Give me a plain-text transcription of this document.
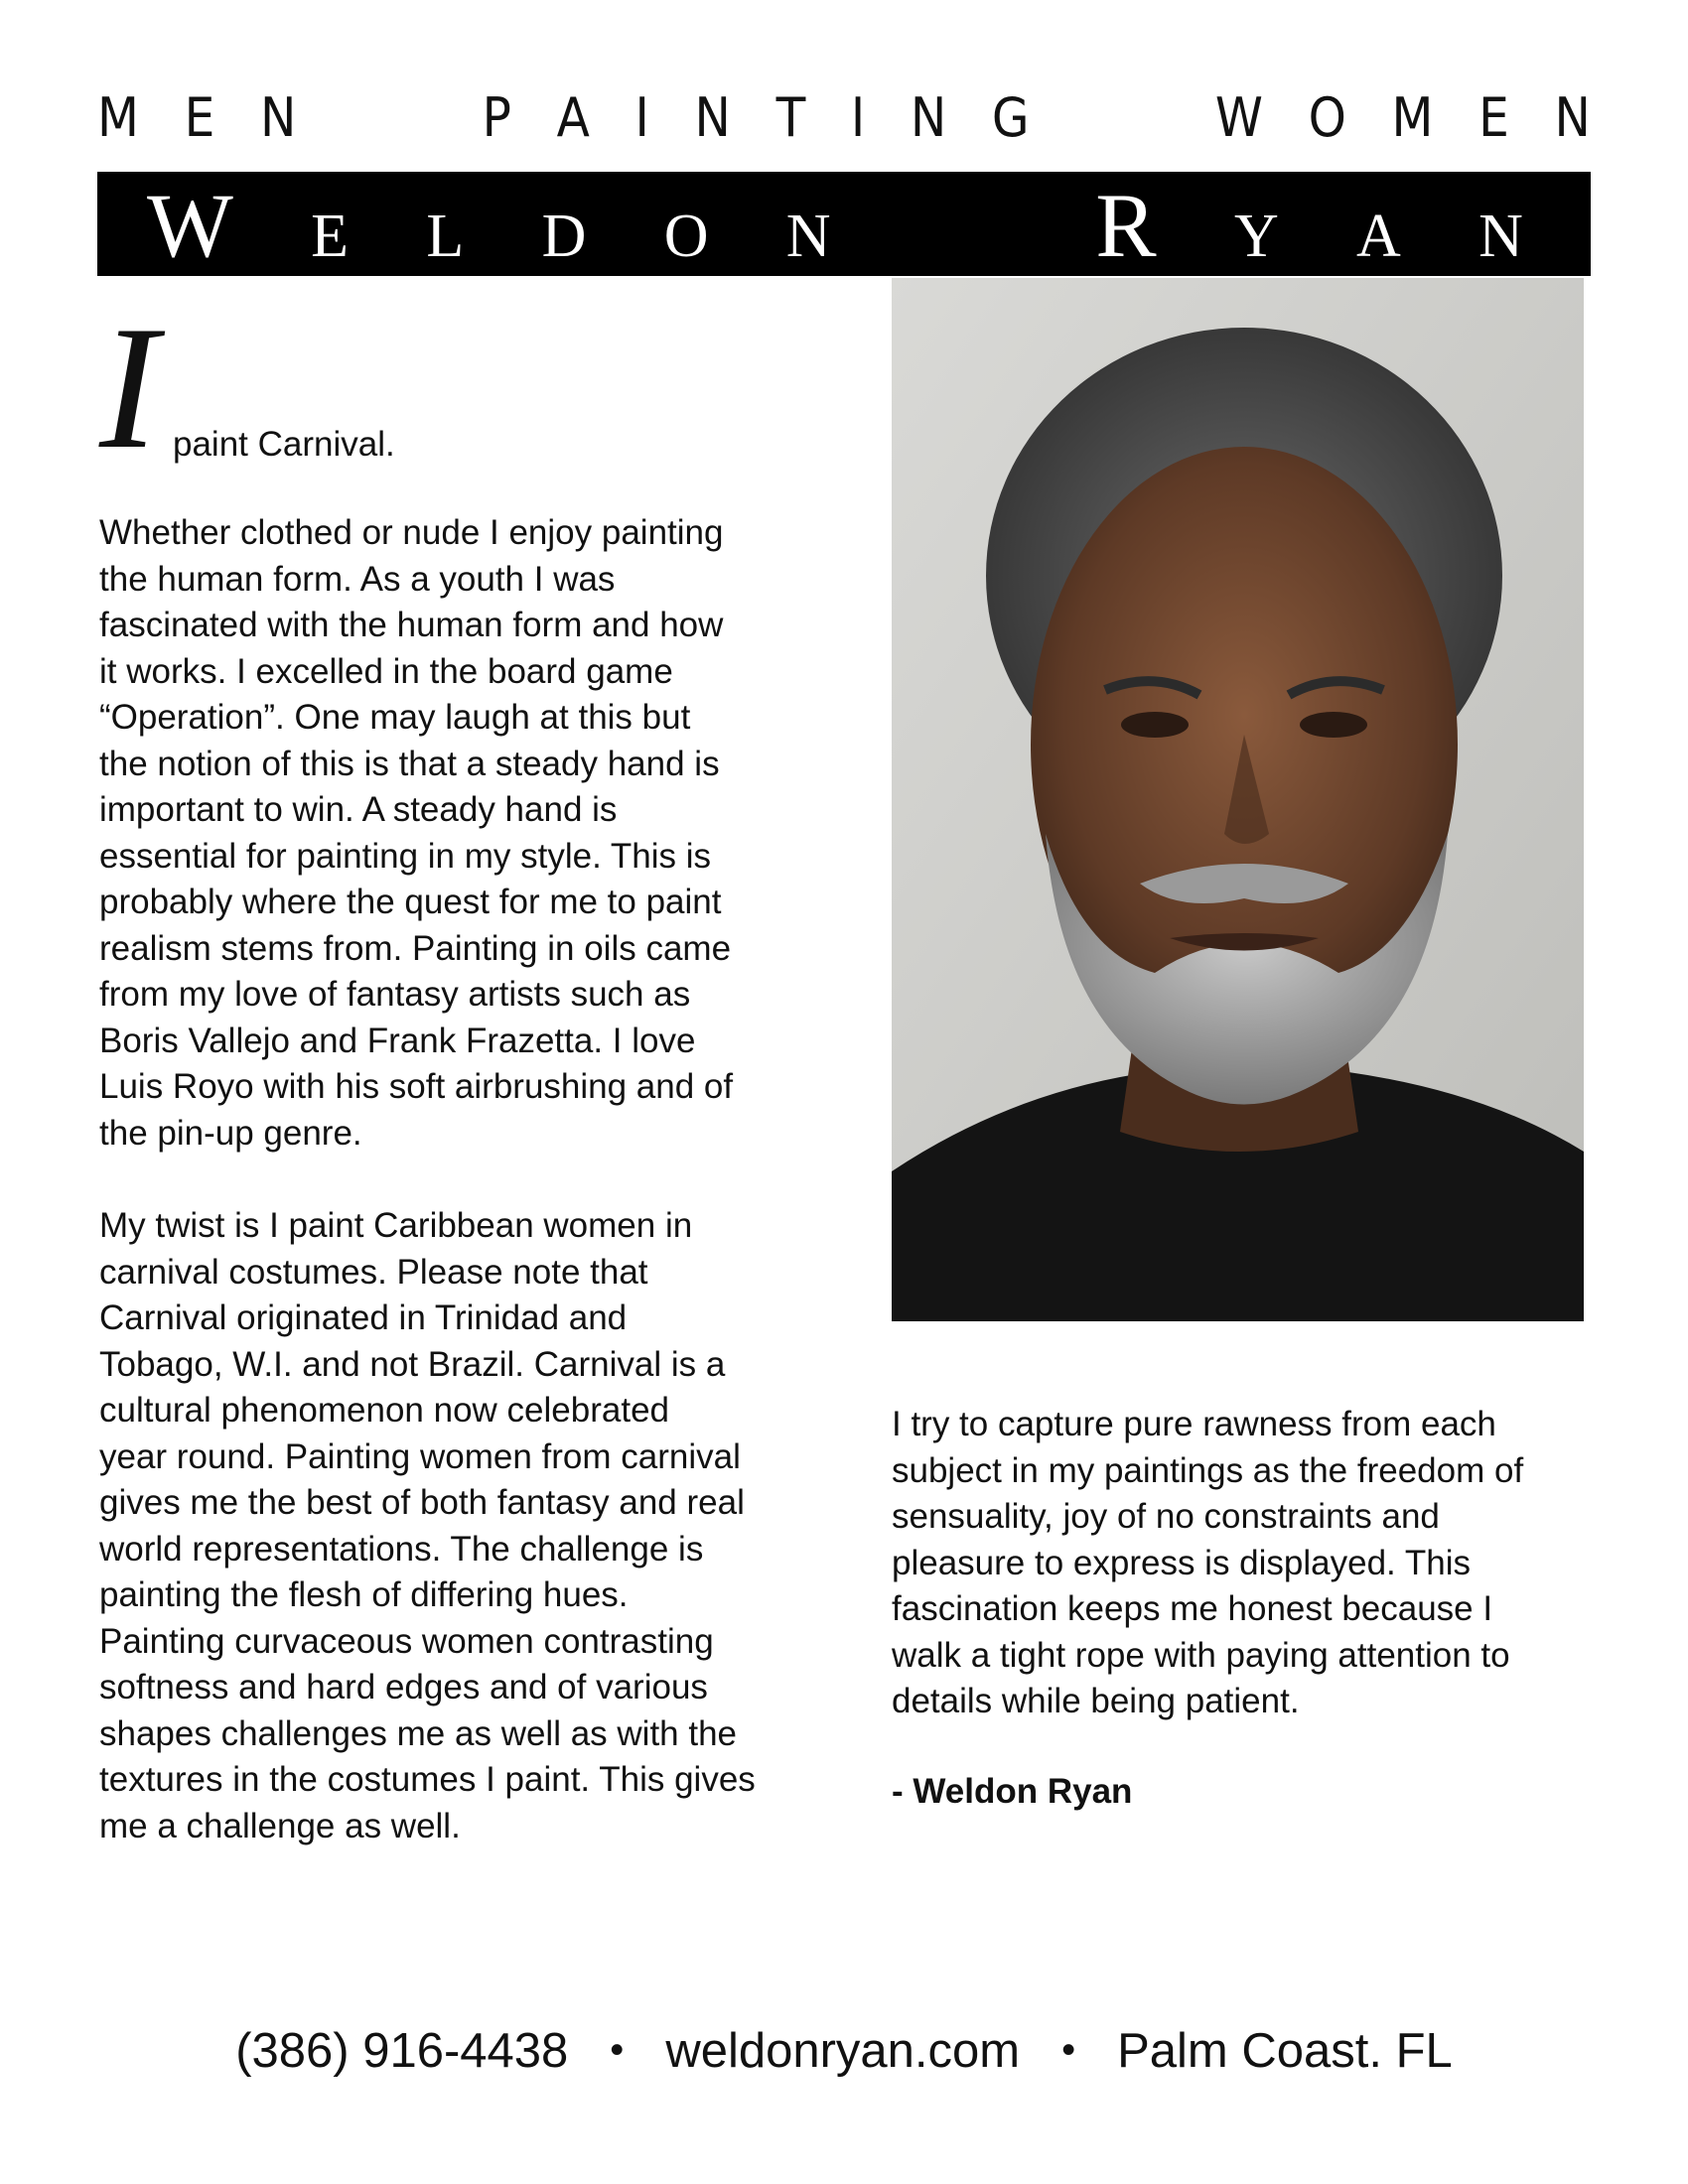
M E N	P A I N T I N G	W O M E N
W E L D O N	R Y A N
I paint Carnival.
Whether clothed or nude I enjoy painting
the human form. As a youth I was
fascinated with the human form and how
it works. I excelled in the board game
“Operation”. One may laugh at this but
the notion of this is that a steady hand is
important to win. A steady hand is
essential for painting in my style. This is
probably where the quest for me to paint
realism stems from. Painting in oils came
from my love of fantasy artists such as
Boris Vallejo and Frank Frazetta. I love
Luis Royo with his soft airbrushing and of
the pin-up genre.
My twist is I paint Caribbean women in
carnival costumes. Please note that
Carnival originated in Trinidad and
Tobago, W.I. and not Brazil. Carnival is a
cultural phenomenon now celebrated
year round. Painting women from carnival
gives me the best of both fantasy and real
world representations. The challenge is
painting the flesh of differing hues.
Painting curvaceous women contrasting
softness and hard edges and of various
shapes challenges me as well as with the
textures in the costumes I paint. This gives
me a challenge as well.
I try to capture pure rawness from each
subject in my paintings as the freedom of
sensuality, joy of no constraints and
pleasure to express is displayed. This
fascination keeps me honest because I
walk a tight rope with paying attention to
details while being patient.
- Weldon Ryan
(386) 916-4438 • weldonryan.com • Palm Coast. FL
